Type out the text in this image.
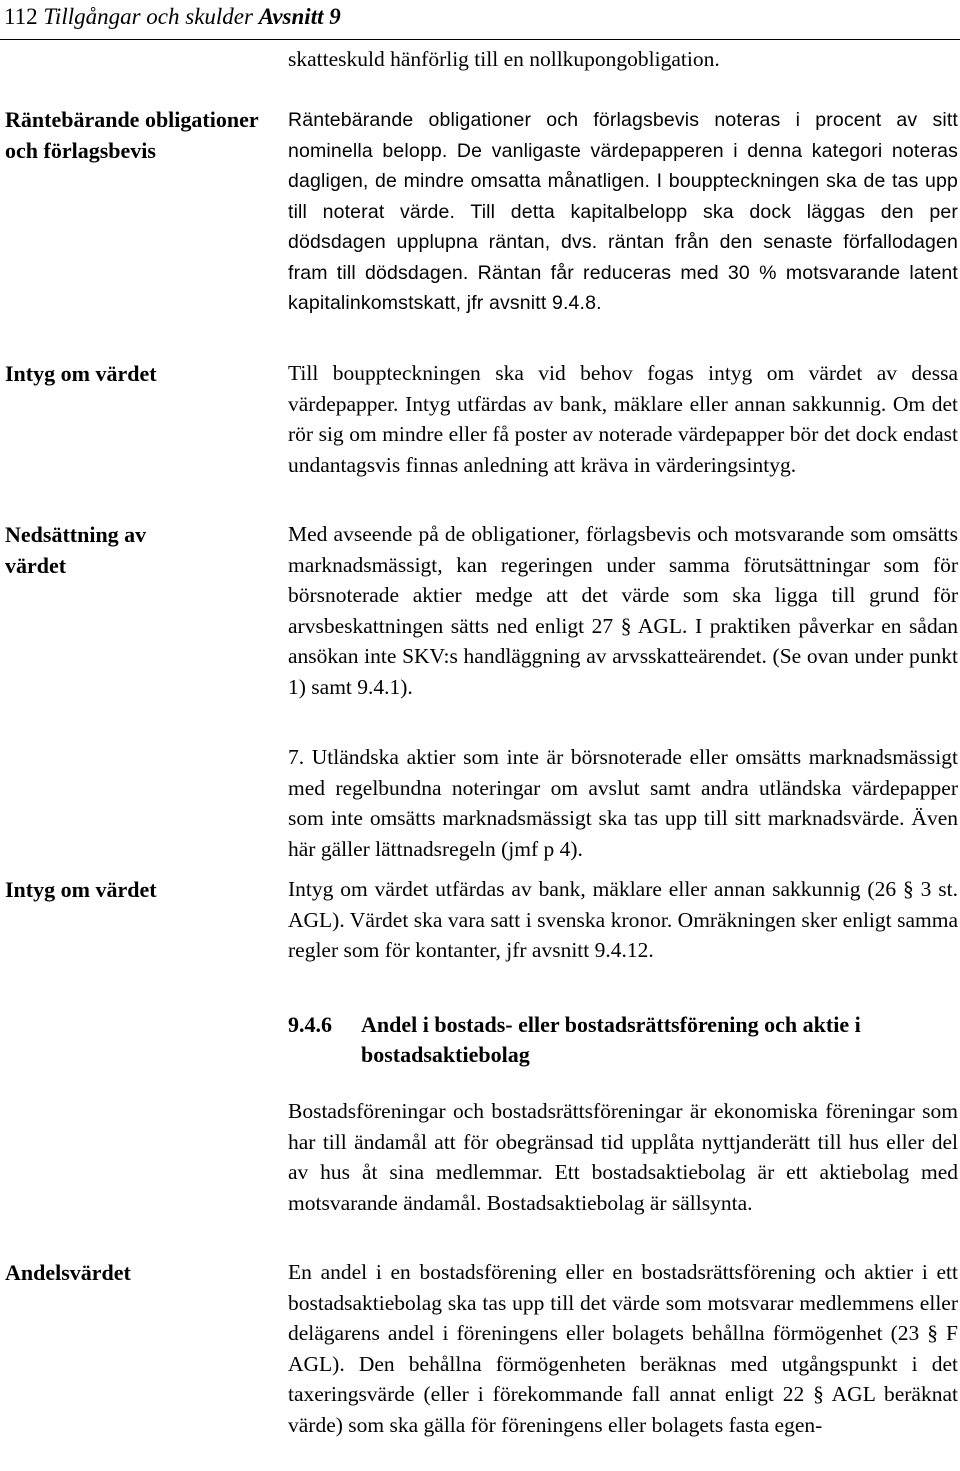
112 Tillgångar och skulder Avsnitt 9
Räntebärande obligationer och förlagsbevis
Intyg om värdet
Nedsättning av värdet
Intyg om värdet
Andelsvärdet

skatteskuld hänförlig till en nollkupongobligation.

Räntebärande obligationer och förlagsbevis noteras i procent av sitt nominella belopp. De vanligaste värdepapperen i denna kategori noteras dagligen, de mindre omsatta månatligen. I bouppteckningen ska de tas upp till noterat värde. Till detta kapitalbelopp ska dock läggas den per dödsdagen upplupna räntan, dvs. räntan från den senaste förfallodagen fram till dödsdagen. Räntan får reduceras med 30 % motsvarande latent kapitalinkomstskatt, jfr avsnitt 9.4.8.

Till bouppteckningen ska vid behov fogas intyg om värdet av dessa värdepapper. Intyg utfärdas av bank, mäklare eller annan sakkunnig. Om det rör sig om mindre eller få poster av noterade värdepapper bör det dock endast undantagsvis finnas anledning att kräva in värderingsintyg.

Med avseende på de obligationer, förlagsbevis och motsvarande som omsätts marknadsmässigt, kan regeringen under samma förutsättningar som för börsnoterade aktier medge att det värde som ska ligga till grund för arvsbeskattningen sätts ned enligt 27 § AGL. I praktiken påverkar en sådan ansökan inte SKV:s handläggning av arvsskatteärendet. (Se ovan under punkt 1) samt 9.4.1).

7. Utländska aktier som inte är börsnoterade eller omsätts marknadsmässigt med regelbundna noteringar om avslut samt andra utländska värdepapper som inte omsätts marknadsmässigt ska tas upp till sitt marknadsvärde. Även här gäller lättnadsregeln (jmf p 4).

Intyg om värdet utfärdas av bank, mäklare eller annan sakkunnig (26 § 3 st. AGL). Värdet ska vara satt i svenska kronor. Omräkningen sker enligt samma regler som för kontanter, jfr avsnitt 9.4.12.

9.4.6 Andel i bostads- eller bostadsrättsförening och aktie i bostadsaktiebolag

Bostadsföreningar och bostadsrättsföreningar är ekonomiska föreningar som har till ändamål att för obegränsad tid upplåta nyttjanderätt till hus eller del av hus åt sina medlemmar. Ett bostadsaktiebolag är ett aktiebolag med motsvarande ändamål. Bostadsaktiebolag är sällsynta.

En andel i en bostadsförening eller en bostadsrättsförening och aktier i ett bostadsaktiebolag ska tas upp till det värde som motsvarar medlemmens eller delägarens andel i föreningens eller bolagets behållna förmögenhet (23 § F AGL). Den behållna förmögenheten beräknas med utgångspunkt i det taxeringsvärde (eller i förekommande fall annat enligt 22 § AGL beräknat värde) som ska gälla för föreningens eller bolagets fasta egen-
